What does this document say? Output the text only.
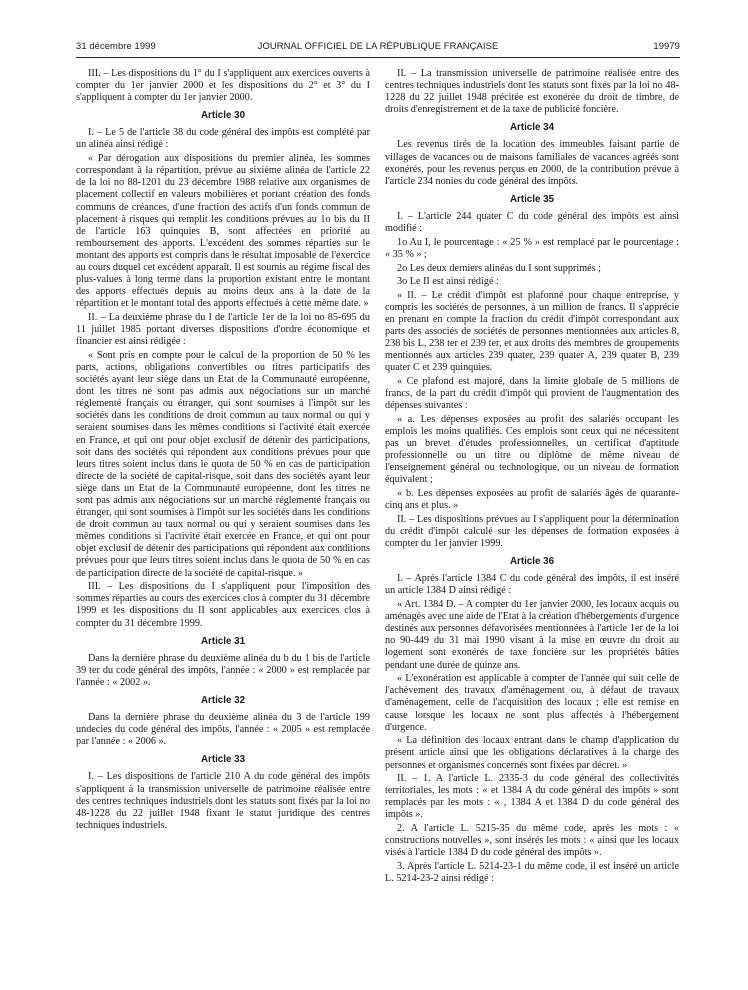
31 décembre 1999	JOURNAL OFFICIEL DE LA RÉPUBLIQUE FRANÇAISE	19979

III. – Les dispositions du 1° du I s'appliquent aux exercices ouverts à compter du 1er janvier 2000 et les dispositions du 2° et 3° du I s'appliquent à compter du 1er janvier 2000.

Article 30

I. – Le 5 de l'article 38 du code général des impôts est complété par un alinéa ainsi rédigé :

« Par dérogation aux dispositions du premier alinéa, les sommes correspondant à la répartition, prévue au sixième alinéa de l'article 22 de la loi no 88-1201 du 23 décembre 1988 relative aux organismes de placement collectif en valeurs mobilières et portant création des fonds communs de créances, d'une fraction des actifs d'un fonds commun de placement à risques qui remplit les conditions prévues au 1o bis du II de l'article 163 quinquies B, sont affectées en priorité au remboursement des apports. L'excédent des sommes réparties sur le montant des apports est compris dans le résultat imposable de l'exercice au cours duquel cet excédent apparaît. Il est soumis au régime fiscal des plus-values à long terme dans la proportion existant entre le montant des apports effectués depuis au moins deux ans à la date de la répartition et le montant total des apports effectués à cette même date. »

II. – La deuxième phrase du I de l'article 1er de la loi no 85-695 du 11 juillet 1985 portant diverses dispositions d'ordre économique et financier est ainsi rédigée :

« Sont pris en compte pour le calcul de la proportion de 50 % les parts, actions, obligations convertibles ou titres participatifs des sociétés ayant leur siège dans un Etat de la Communauté européenne, dont les titres ne sont pas admis aux négociations sur un marché réglementé français ou étranger, qui sont soumises à l'impôt sur les sociétés dans les conditions de droit commun au taux normal ou qui y seraient soumises dans les mêmes conditions si l'activité était exercée en France, et qui ont pour objet exclusif de détenir des participations, soit dans des sociétés qui répondent aux conditions prévues pour que leurs titres soient inclus dans le quota de 50 % en cas de participation directe de la société de capital-risque, soit dans des sociétés ayant leur siège dans un Etat de la Communauté européenne, dont les titres ne sont pas admis aux négociations sur un marché réglementé français ou étranger, qui sont soumises à l'impôt sur les sociétés dans les conditions de droit commun au taux normal ou qui y seraient soumises dans les mêmes conditions si l'activité était exercée en France, et qui ont pour objet exclusif de détenir des participations qui répondent aux conditions prévues pour que leurs titres soient inclus dans le quota de 50 % en cas de participation directe de la société de capital-risque. »

III. – Les dispositions du I s'appliquent pour l'imposition des sommes réparties au cours des exercices clos à compter du 31 décembre 1999 et les dispositions du II sont applicables aux exercices clos à compter du 31 décembre 1999.

Article 31

Dans la dernière phrase du deuxième alinéa du b du 1 bis de l'article 39 ter du code général des impôts, l'année : « 2000 » est remplacée par l'année : « 2002 ».

Article 32

Dans la dernière phrase du deuxième alinéa du 3 de l'article 199 undecies du code général des impôts, l'année : « 2005 » est remplacée par l'année : « 2006 ».

Article 33

I. – Les dispositions de l'article 210 A du code général des impôts s'appliquent à la transmission universelle de patrimoine réalisée entre des centres techniques industriels dont les statuts sont fixés par la loi no 48-1228 du 22 juillet 1948 fixant le statut juridique des centres techniques industriels.

II. – La transmission universelle de patrimoine réalisée entre des centres techniques industriels dont les statuts sont fixés par la loi no 48-1228 du 22 juillet 1948 précitée est exonérée du droit de timbre, de droits d'enregistrement et de la taxe de publicité foncière.

Article 34

Les revenus tirés de la location des immeubles faisant partie de villages de vacances ou de maisons familiales de vacances agréés sont exonérés, pour les revenus perçus en 2000, de la contribution prévue à l'article 234 nonies du code général des impôts.

Article 35

I. – L'article 244 quater C du code général des impôts est ainsi modifié :

1o Au I, le pourcentage : « 25 % » est remplacé par le pourcentage : « 35 % » ;

2o Les deux derniers alinéas du I sont supprimés ;

3o Le II est ainsi rédigé :

« II. – Le crédit d'impôt est plafonné pour chaque entreprise, y compris les sociétés de personnes, à un million de francs. Il s'apprécie en prenant en compte la fraction du crédit d'impôt correspondant aux parts des associés de sociétés de personnes mentionnées aux articles 8, 238 bis L, 238 ter et 239 ter, et aux droits des membres de groupements mentionnés aux articles 239 quater, 239 quater A, 239 quater B, 239 quater C et 239 quinquies.

« Ce plafond est majoré, dans la limite globale de 5 millions de francs, de la part du crédit d'impôt qui provient de l'augmentation des dépenses suivantes :

« a. Les dépenses exposées au profit des salariés occupant les emplois les moins qualifiés. Ces emplois sont ceux qui ne nécessitent pas un brevet d'études professionnelles, un certificat d'aptitude professionnelle ou un titre ou diplôme de même niveau de l'enseignement général ou technologique, ou un niveau de formation équivalent ;

« b. Les dépenses exposées au profit de salariés âgés de quarante-cinq ans et plus. »

II. – Les dispositions prévues au I s'appliquent pour la détermination du crédit d'impôt calculé sur les dépenses de formation exposées à compter du 1er janvier 1999.

Article 36

I. – Après l'article 1384 C du code général des impôts, il est inséré un article 1384 D ainsi rédigé :

« Art. 1384 D. – A compter du 1er janvier 2000, les locaux acquis ou aménagés avec une aide de l'Etat à la création d'hébergements d'urgence destinés aux personnes défavorisées mentionnées à l'article 1er de la loi no 90-449 du 31 mai 1990 visant à la mise en œuvre du droit au logement sont exonérés de taxe foncière sur les propriétés bâties pendant une durée de quinze ans.

« L'exonération est applicable à compter de l'année qui suit celle de l'achèvement des travaux d'aménagement ou, à défaut de travaux d'aménagement, celle de l'acquisition des locaux ; elle est remise en cause lorsque les locaux ne sont plus affectés à l'hébergement d'urgence.

« La définition des locaux entrant dans le champ d'application du présent article ainsi que les obligations déclaratives à la charge des personnes et organismes concernés sont fixées par décret. »

II. – 1. A l'article L. 2335-3 du code général des collectivités territoriales, les mots : « et 1384 A du code général des impôts » sont remplacés par les mots : « , 1384 A et 1384 D du code général des impôts ».

2. A l'article L. 5215-35 du même code, après les mots : « constructions nouvelles », sont insérés les mots : « ainsi que les locaux visés à l'article 1384 D du code général des impôts ».

3. Après l'article L. 5214-23-1 du même code, il est inséré un article L. 5214-23-2 ainsi rédigé :
